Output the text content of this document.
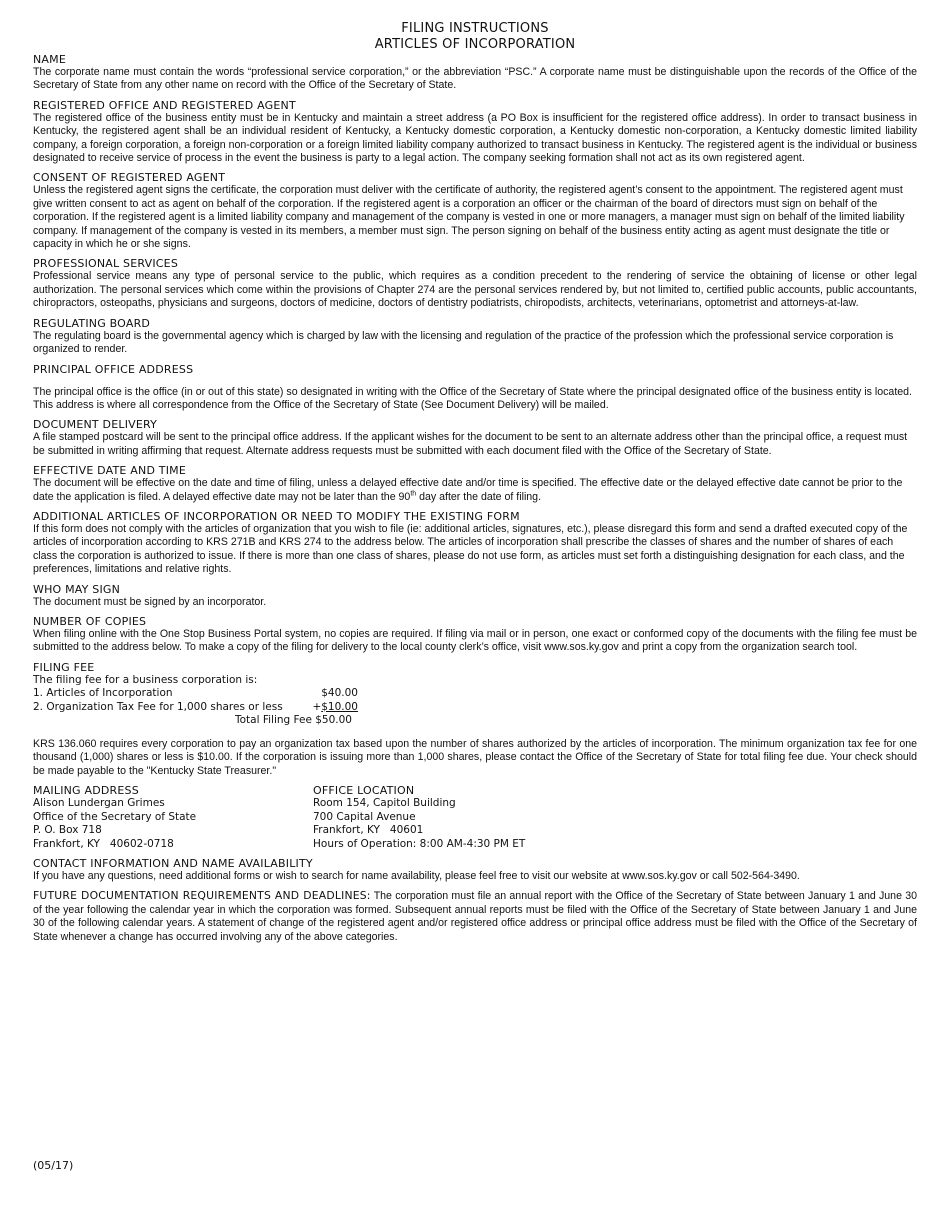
FILING INSTRUCTIONS
ARTICLES OF INCORPORATION
NAME

The corporate name must contain the words “professional service corporation,” or the abbreviation “PSC.” A corporate name must be distinguishable upon the records of the Office of the Secretary of State from any other name on record with the Office of the Secretary of State.

REGISTERED OFFICE AND REGISTERED AGENT

The registered office of the business entity must be in Kentucky and maintain a street address (a PO Box is insufficient for the registered office address). In order to transact business in Kentucky, the registered agent shall be an individual resident of Kentucky, a Kentucky domestic corporation, a Kentucky domestic non-corporation, a Kentucky domestic limited liability company, a foreign corporation, a foreign non-corporation or a foreign limited liability company authorized to transact business in Kentucky. The registered agent is the individual or business designated to receive service of process in the event the business is party to a legal action. The company seeking formation shall not act as its own registered agent.

CONSENT OF REGISTERED AGENT

Unless the registered agent signs the certificate, the corporation must deliver with the certificate of authority, the registered agent’s consent to the appointment. The registered agent must give written consent to act as agent on behalf of the corporation. If the registered agent is a corporation an officer or the chairman of the board of directors must sign on behalf of the corporation. If the registered agent is a limited liability company and management of the company is vested in one or more managers, a manager must sign on behalf of the limited liability company. If management of the company is vested in its members, a member must sign. The person signing on behalf of the business entity acting as agent must designate the title or capacity in which he or she signs.

PROFESSIONAL SERVICES

Professional service means any type of personal service to the public, which requires as a condition precedent to the rendering of service the obtaining of license or other legal authorization. The personal services which come within the provisions of Chapter 274 are the personal services rendered by, but not limited to, certified public accounts, public accountants, chiropractors, osteopaths, physicians and surgeons, doctors of medicine, doctors of dentistry podiatrists, chiropodists, architects, veterinarians, optometrist and attorneys-at-law.

REGULATING BOARD

The regulating board is the governmental agency which is charged by law with the licensing and regulation of the practice of the profession which the professional service corporation is organized to render.

PRINCIPAL OFFICE ADDRESS

The principal office is the office (in or out of this state) so designated in writing with the Office of the Secretary of State where the principal designated office of the business entity is located. This address is where all correspondence from the Office of the Secretary of State (See Document Delivery) will be mailed.

DOCUMENT DELIVERY

A file stamped postcard will be sent to the principal office address. If the applicant wishes for the document to be sent to an alternate address other than the principal office, a request must be submitted in writing affirming that request. Alternate address requests must be submitted with each document filed with the Office of the Secretary of State.

EFFECTIVE DATE AND TIME

The document will be effective on the date and time of filing, unless a delayed effective date and/or time is specified. The effective date or the delayed effective date cannot be prior to the date the application is filed. A delayed effective date may not be later than the 90th day after the date of filing.

ADDITIONAL ARTICLES OF INCORPORATION OR NEED TO MODIFY THE EXISTING FORM

If this form does not comply with the articles of organization that you wish to file (ie: additional articles, signatures, etc.), please disregard this form and send a drafted executed copy of the articles of incorporation according to KRS 271B and KRS 274 to the address below. The articles of incorporation shall prescribe the classes of shares and the number of shares of each class the corporation is authorized to issue. If there is more than one class of shares, please do not use form, as articles must set forth a distinguishing designation for each class, and the preferences, limitations and relative rights.

WHO MAY SIGN

The document must be signed by an incorporator.

NUMBER OF COPIES

When filing online with the One Stop Business Portal system, no copies are required. If filing via mail or in person, one exact or conformed copy of the documents with the filing fee must be submitted to the address below. To make a copy of the filing for delivery to the local county clerk’s office, visit www.sos.ky.gov and print a copy from the organization search tool.

FILING FEE
The filing fee for a business corporation is:
1. Articles of Incorporation	$40.00
2. Organization Tax Fee for 1,000 shares or less	+$10.00
Total Filing Fee $50.00

KRS 136.060 requires every corporation to pay an organization tax based upon the number of shares authorized by the articles of incorporation. The minimum organization tax fee for one thousand (1,000) shares or less is $10.00. If the corporation is issuing more than 1,000 shares, please contact the Office of the Secretary of State for total filing fee due. Your check should be made payable to the "Kentucky State Treasurer."

MAILING ADDRESS
Alison Lundergan Grimes
Office of the Secretary of State
P. O. Box 718
Frankfort, KY   40602-0718
OFFICE LOCATION
Room 154, Capitol Building
700 Capital Avenue
Frankfort, KY   40601
Hours of Operation: 8:00 AM-4:30 PM ET
CONTACT INFORMATION AND NAME AVAILABILITY

If you have any questions, need additional forms or wish to search for name availability, please feel free to visit our website at www.sos.ky.gov or call 502-564-3490.

FUTURE DOCUMENTATION REQUIREMENTS AND DEADLINES: The corporation must file an annual report with the Office of the Secretary of State between January 1 and June 30 of the year following the calendar year in which the corporation was formed. Subsequent annual reports must be filed with the Office of the Secretary of State between January 1 and June 30 of the following calendar years. A statement of change of the registered agent and/or registered office address or principal office address must be filed with the Office of the Secretary of State whenever a change has occurred involving any of the above categories.

(05/17)
